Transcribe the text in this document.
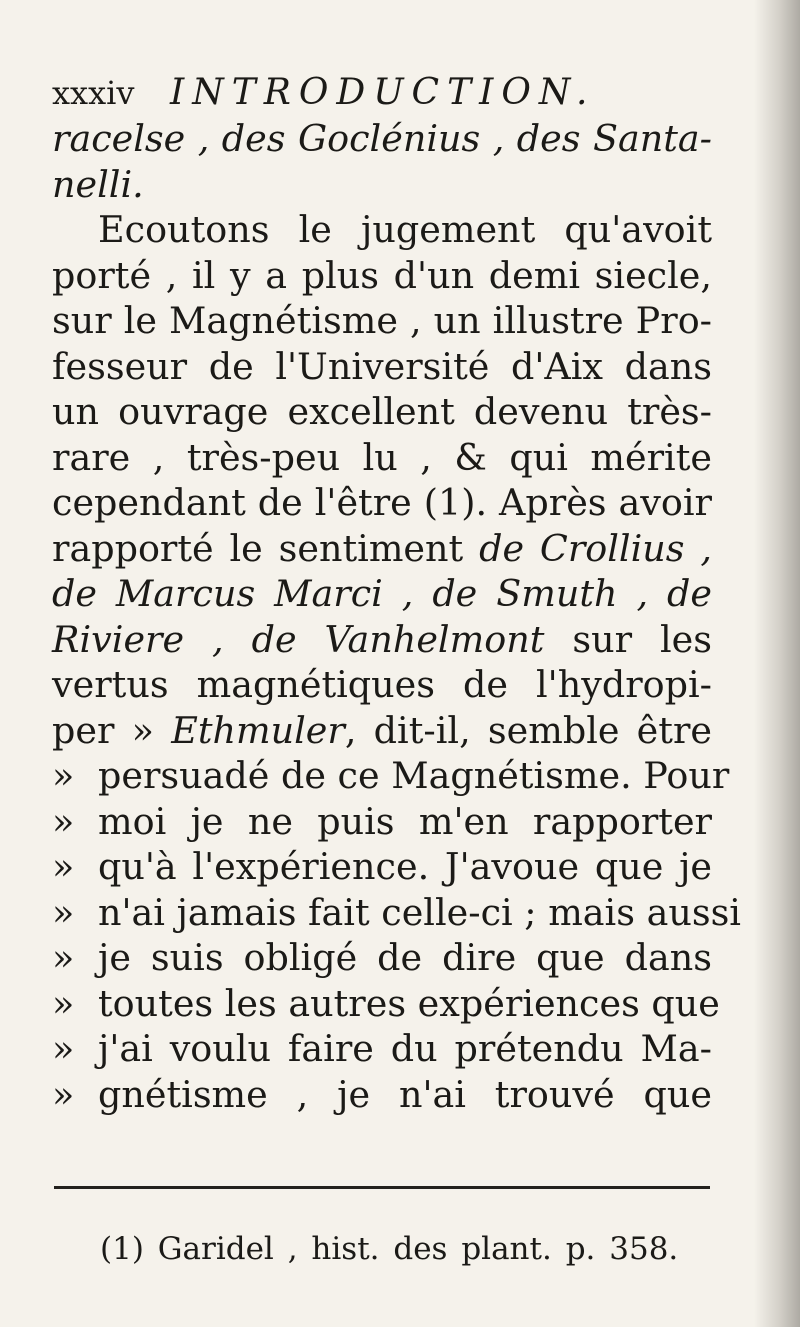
xxxiv INTRODUCTION.
racelse , des Goclénius , des Santa-
nelli.
Ecoutons le jugement qu'avoit
porté , il y a plus d'un demi siecle,
sur le Magnétisme , un illustre Pro-
fesseur de l'Université d'Aix dans
un ouvrage excellent devenu très-
rare , très-peu lu , & qui mérite
cependant de l'être (1). Après avoir
rapporté le sentiment de Crollius ,
de Marcus Marci , de Smuth , de
Riviere , de Vanhelmont sur les
vertus magnétiques de l'hydropi-
per » Ethmuler, dit-il, semble être
» persuadé de ce Magnétisme. Pour
» moi je ne puis m'en rapporter
» qu'à l'expérience. J'avoue que je
» n'ai jamais fait celle-ci ; mais aussi
» je suis obligé de dire que dans
» toutes les autres expériences que
» j'ai voulu faire du prétendu Ma-
» gnétisme , je n'ai trouvé que
(1) Garidel , hist. des plant. p. 358.
